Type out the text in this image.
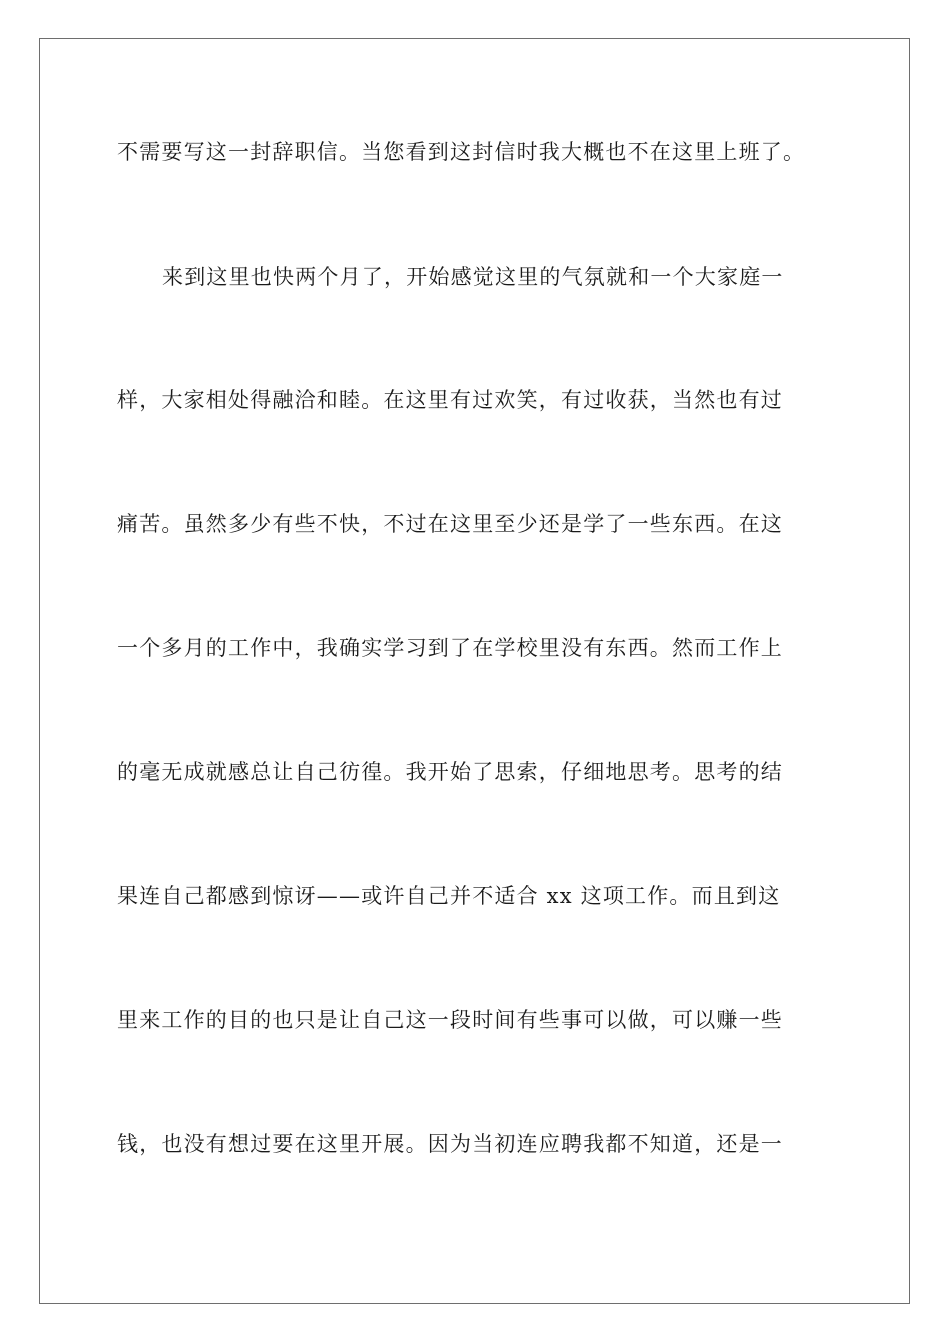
不需要写这一封辞职信。当您看到这封信时我大概也不在这里上班了。
来到这里也快两个月了，开始感觉这里的气氛就和一个大家庭一
样，大家相处得融洽和睦。在这里有过欢笑，有过收获，当然也有过
痛苦。虽然多少有些不快，不过在这里至少还是学了一些东西。在这
一个多月的工作中，我确实学习到了在学校里没有东西。然而工作上
的毫无成就感总让自己彷徨。我开始了思索，仔细地思考。思考的结
果连自己都感到惊讶——或许自己并不适合 xx 这项工作。而且到这
里来工作的目的也只是让自己这一段时间有些事可以做，可以赚一些
钱，也没有想过要在这里开展。因为当初连应聘我都不知道，还是一
